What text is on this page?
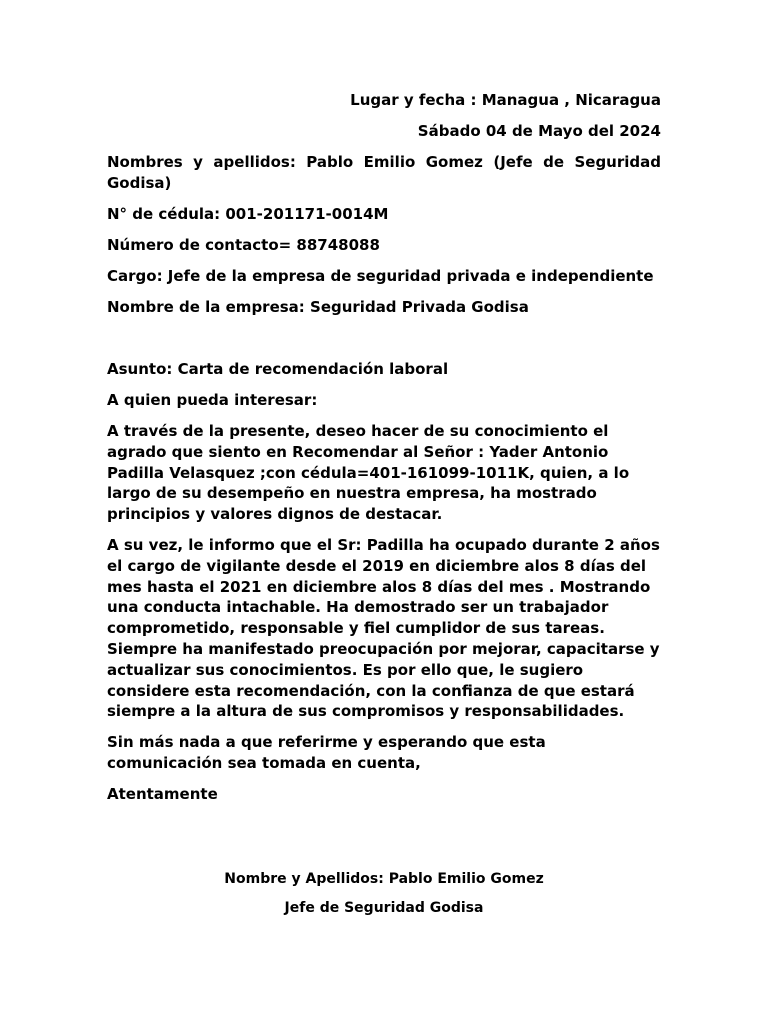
Lugar y fecha : Managua , Nicaragua
Sábado 04 de Mayo del 2024
Nombres y apellidos: Pablo Emilio Gomez (Jefe de Seguridad Godisa)
N° de cédula: 001-201171-0014M
Número de contacto= 88748088
Cargo: Jefe de la empresa de seguridad privada e independiente
Nombre de la empresa: Seguridad Privada Godisa
Asunto: Carta de recomendación laboral
A quien pueda interesar:
A través de la presente, deseo hacer de su conocimiento el agrado que siento en Recomendar al Señor : Yader Antonio Padilla Velasquez ;con cédula=401-161099-1011K, quien, a lo largo de su desempeño en nuestra empresa, ha mostrado principios y valores dignos de destacar.
A su vez, le informo que el Sr: Padilla ha ocupado durante 2 años el cargo de vigilante desde el 2019 en diciembre alos 8 días del mes hasta el 2021 en diciembre alos 8 días del mes . Mostrando una conducta intachable. Ha demostrado ser un trabajador comprometido, responsable y fiel cumplidor de sus tareas. Siempre ha manifestado preocupación por mejorar, capacitarse y actualizar sus conocimientos. Es por ello que, le sugiero considere esta recomendación, con la confianza de que estará siempre a la altura de sus compromisos y responsabilidades.
Sin más nada a que referirme y esperando que esta comunicación sea tomada en cuenta,
Atentamente
Nombre y Apellidos: Pablo Emilio Gomez
Jefe de Seguridad Godisa
